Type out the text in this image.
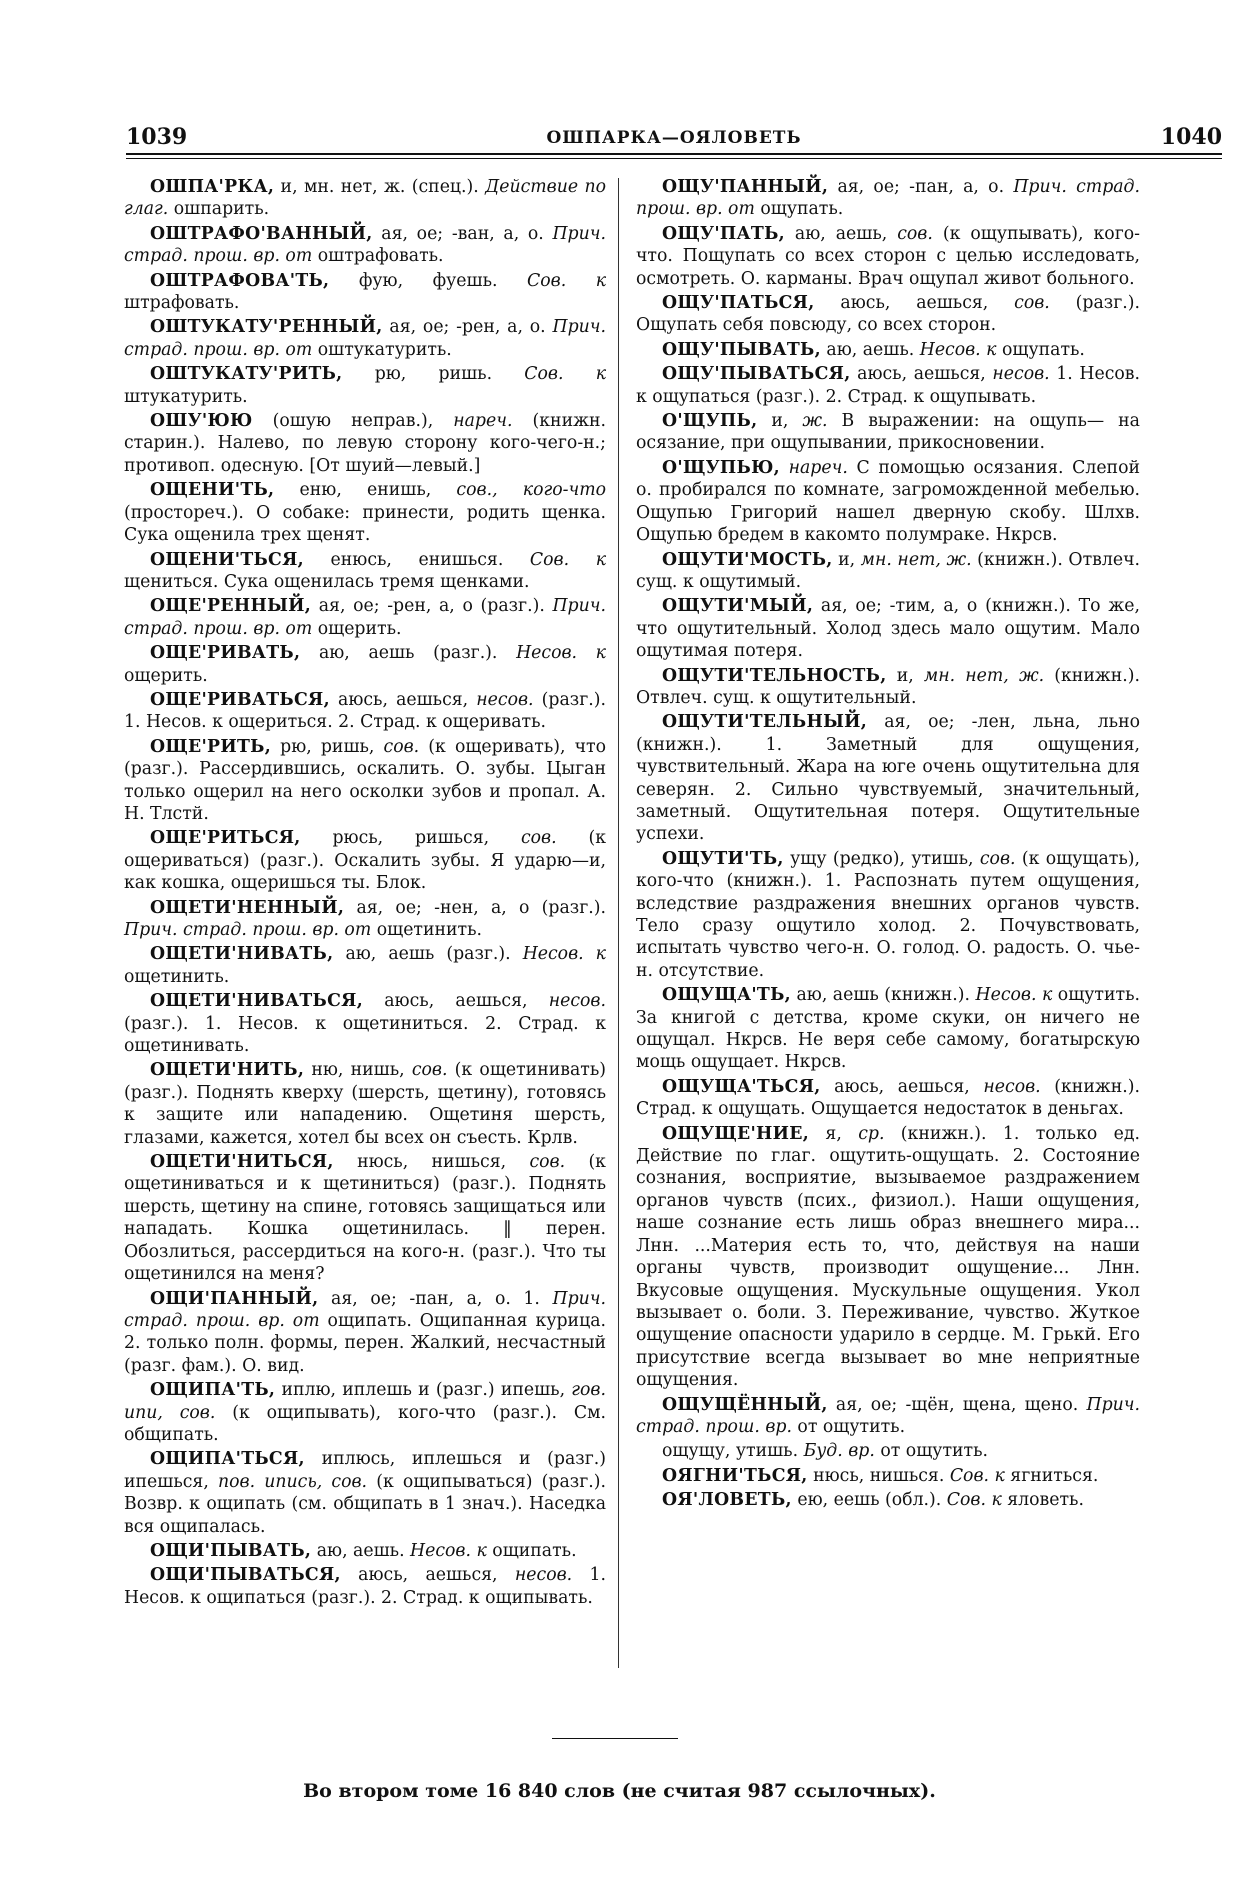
1039	ОШПАРКА—ОЯЛОВЕТЬ	1040

ОШПА'РКА, и, мн. нет, ж. (спец.). Действие по глаг. ошпарить.

ОШТРАФО'ВАННЫЙ, ая, ое; -ван, а, о. Прич. страд. прош. вр. от оштрафовать.

ОШТРАФОВА'ТЬ, фую, фуешь. Сов. к штрафовать.

ОШТУКАТУ'РЕННЫЙ, ая, ое; -рен, а, о. Прич. страд. прош. вр. от оштукатурить.

ОШТУКАТУ'РИТЬ, рю, ришь. Сов. к штукатурить.

ОШУ'ЮЮ (ошую неправ.), нареч. (книжн. старин.). Налево, по левую сторону кого-чего-н.; противоп. одесную. [От шуий—левый.]

ОЩЕНИ'ТЬ, еню, енишь, сов., кого-что (простореч.). О собаке: принести, родить щенка. Сука ощенила трех щенят.

ОЩЕНИ'ТЬСЯ, енюсь, енишься. Сов. к щениться. Сука ощенилась тремя щенками.

ОЩЕ'РЕННЫЙ, ая, ое; -рен, а, о (разг.). Прич. страд. прош. вр. от ощерить.

ОЩЕ'РИВАТЬ, аю, аешь (разг.). Несов. к ощерить.

ОЩЕ'РИВАТЬСЯ, аюсь, аешься, несов. (разг.). 1. Несов. к ощериться. 2. Страд. к ощеривать.

ОЩЕ'РИТЬ, рю, ришь, сов. (к ощеривать), что (разг.). Рассердившись, оскалить. О. зубы. Цыган только ощерил на него осколки зубов и пропал. А. Н. Тлстй.

ОЩЕ'РИТЬСЯ, рюсь, ришься, сов. (к ощериваться) (разг.). Оскалить зубы. Я ударю—и, как кошка, ощеришься ты. Блок.

ОЩЕТИ'НЕННЫЙ, ая, ое; -нен, а, о (разг.). Прич. страд. прош. вр. от ощетинить.

ОЩЕТИ'НИВАТЬ, аю, аешь (разг.). Несов. к ощетинить.

ОЩЕТИ'НИВАТЬСЯ, аюсь, аешься, несов. (разг.). 1. Несов. к ощетиниться. 2. Страд. к ощетинивать.

ОЩЕТИ'НИТЬ, ню, нишь, сов. (к ощетинивать) (разг.). Поднять кверху (шерсть, щетину), готовясь к защите или нападению. Ощетиня шерсть, глазами, кажется, хотел бы всех он съесть. Крлв.

ОЩЕТИ'НИТЬСЯ, нюсь, нишься, сов. (к ощетиниваться и к щетиниться) (разг.). Поднять шерсть, щетину на спине, готовясь защищаться или нападать. Кошка ощетинилась. ‖ перен. Обозлиться, рассердиться на кого-н. (разг.). Что ты ощетинился на меня?

ОЩИ'ПАННЫЙ, ая, ое; -пан, а, о. 1. Прич. страд. прош. вр. от ощипать. Ощипанная курица. 2. только полн. формы, перен. Жалкий, несчастный (разг. фам.). О. вид.

ОЩИПА'ТЬ, иплю, иплешь и (разг.) ипешь, гов. ипи, сов. (к ощипывать), кого-что (разг.). См. общипать.

ОЩИПА'ТЬСЯ, иплюсь, иплешься и (разг.) ипешься, пов. ипись, сов. (к ощипываться) (разг.). Возвр. к ощипать (см. общипать в 1 знач.). Наседка вся ощипалась.

ОЩИ'ПЫВАТЬ, аю, аешь. Несов. к ощипать.

ОЩИ'ПЫВАТЬСЯ, аюсь, аешься, несов. 1. Несов. к ощипаться (разг.). 2. Страд. к ощипывать.

ОЩУ'ПАННЫЙ, ая, ое; -пан, а, о. Прич. страд. прош. вр. от ощупать.

ОЩУ'ПАТЬ, аю, аешь, сов. (к ощупывать), кого-что. Пощупать со всех сторон с целью исследовать, осмотреть. О. карманы. Врач ощупал живот больного.

ОЩУ'ПАТЬСЯ, аюсь, аешься, сов. (разг.). Ощупать себя повсюду, со всех сторон.

ОЩУ'ПЫВАТЬ, аю, аешь. Несов. к ощупать.

ОЩУ'ПЫВАТЬСЯ, аюсь, аешься, несов. 1. Несов. к ощупаться (разг.). 2. Страд. к ощупывать.

О'ЩУПЬ, и, ж. В выражении: на ощупь— на осязание, при ощупывании, прикосновении.

О'ЩУПЬЮ, нареч. С помощью осязания. Слепой о. пробирался по комнате, загроможденной мебелью. Ощупью Григорий нашел дверную скобу. Шлхв. Ощупью бредем в какомто полумраке. Нкрсв.

ОЩУТИ'МОСТЬ, и, мн. нет, ж. (книжн.). Отвлеч. сущ. к ощутимый.

ОЩУТИ'МЫЙ, ая, ое; -тим, а, о (книжн.). То же, что ощутительный. Холод здесь мало ощутим. Мало ощутимая потеря.

ОЩУТИ'ТЕЛЬНОСТЬ, и, мн. нет, ж. (книжн.). Отвлеч. сущ. к ощутительный.

ОЩУТИ'ТЕЛЬНЫЙ, ая, ое; -лен, льна, льно (книжн.). 1. Заметный для ощущения, чувствительный. Жара на юге очень ощутительна для северян. 2. Сильно чувствуемый, значительный, заметный. Ощутительная потеря. Ощутительные успехи.

ОЩУТИ'ТЬ, ущу (редко), утишь, сов. (к ощущать), кого-что (книжн.). 1. Распознать путем ощущения, вследствие раздражения внешних органов чувств. Тело сразу ощутило холод. 2. Почувствовать, испытать чувство чего-н. О. голод. О. радость. О. чье-н. отсутствие.

ОЩУЩА'ТЬ, аю, аешь (книжн.). Несов. к ощутить. За книгой с детства, кроме скуки, он ничего не ощущал. Нкрсв. Не веря себе самому, богатырскую мощь ощущает. Нкрсв.

ОЩУЩА'ТЬСЯ, аюсь, аешься, несов. (книжн.). Страд. к ощущать. Ощущается недостаток в деньгах.

ОЩУЩЕ'НИЕ, я, ср. (книжн.). 1. только ед. Действие по глаг. ощутить-ощущать. 2. Состояние сознания, восприятие, вызываемое раздражением органов чувств (псих., физиол.). Наши ощущения, наше сознание есть лишь образ внешнего мира... Лнн. ...Материя есть то, что, действуя на наши органы чувств, производит ощущение... Лнн. Вкусовые ощущения. Мускульные ощущения. Укол вызывает о. боли. 3. Переживание, чувство. Жуткое ощущение опасности ударило в сердце. М. Грькй. Его присутствие всегда вызывает во мне неприятные ощущения.

ОЩУЩЁННЫЙ, ая, ое; -щён, щена, щено. Прич. страд. прош. вр. от ощутить.

ощущу, утишь. Буд. вр. от ощутить.

ОЯГНИ'ТЬСЯ, нюсь, нишься. Сов. к ягниться.

ОЯ'ЛОВЕТЬ, ею, еешь (обл.). Сов. к яловеть.

Во втором томе 16 840 слов (не считая 987 ссылочных).
